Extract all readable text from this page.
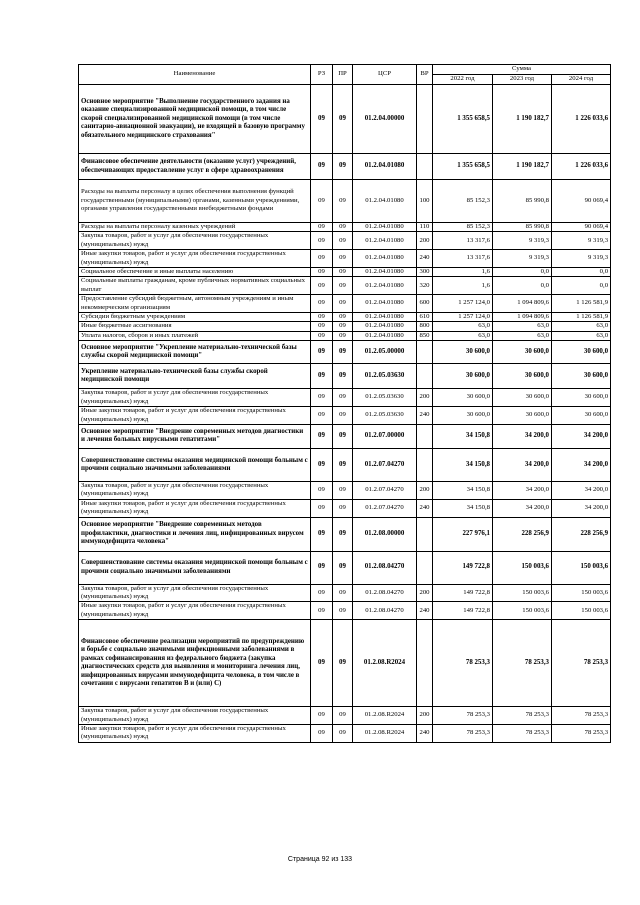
Наименование	РЗ	ПР	ЦСР	ВР	Сумма		
					2022 год	2023 год	2024 год
Основное мероприятие "Выполнение государственного задания на оказание специализированной медицинской помощи, в том числе скорой специализированной медицинской помощи (в том числе санитарно-авиационной эвакуации), не входящей в базовую программу обязательного медицинского страхования"	09	09	01.2.04.00000		1 355 658,5	1 190 182,7	1 226 033,6
Финансовое обеспечение деятельности (оказание услуг) учреждений, обеспечивающих предоставление услуг в сфере здравоохранения	09	09	01.2.04.01080		1 355 658,5	1 190 182,7	1 226 033,6
Расходы на выплаты персоналу в целях обеспечения выполнения функций государственными (муниципальными) органами, казенными учреждениями, органами управления государственными внебюджетными фондами	09	09	01.2.04.01080	100	85 152,3	85 990,8	90 069,4
Расходы на выплаты персоналу казенных учреждений	09	09	01.2.04.01080	110	85 152,3	85 990,8	90 069,4
Закупка товаров, работ и услуг для обеспечения государственных (муниципальных) нужд	09	09	01.2.04.01080	200	13 317,6	9 319,3	9 319,3
Иные закупки товаров, работ и услуг для обеспечения государственных (муниципальных) нужд	09	09	01.2.04.01080	240	13 317,6	9 319,3	9 319,3
Социальное обеспечение и иные выплаты населению	09	09	01.2.04.01080	300	1,6	0,0	0,0
Социальные выплаты гражданам, кроме публичных нормативных социальных выплат	09	09	01.2.04.01080	320	1,6	0,0	0,0
Предоставление субсидий бюджетным, автономным учреждениям и иным некоммерческим организациям	09	09	01.2.04.01080	600	1 257 124,0	1 094 809,6	1 126 581,9
Субсидии бюджетным учреждениям	09	09	01.2.04.01080	610	1 257 124,0	1 094 809,6	1 126 581,9
Иные бюджетные ассигнования	09	09	01.2.04.01080	800	63,0	63,0	63,0
Уплата налогов, сборов и иных платежей	09	09	01.2.04.01080	850	63,0	63,0	63,0
Основное мероприятие "Укрепление материально-технической базы службы скорой медицинской помощи"	09	09	01.2.05.00000		30 600,0	30 600,0	30 600,0
Укрепление материально-технической базы службы скорой медицинской помощи	09	09	01.2.05.03630		30 600,0	30 600,0	30 600,0
Закупка товаров, работ и услуг для обеспечения государственных (муниципальных) нужд	09	09	01.2.05.03630	200	30 600,0	30 600,0	30 600,0
Иные закупки товаров, работ и услуг для обеспечения государственных (муниципальных) нужд	09	09	01.2.05.03630	240	30 600,0	30 600,0	30 600,0
Основное мероприятие "Внедрение современных методов диагностики и лечения больных вирусными гепатитами"	09	09	01.2.07.00000		34 150,8	34 200,0	34 200,0
Совершенствование системы оказания медицинской помощи больным с прочими социально значимыми заболеваниями	09	09	01.2.07.04270		34 150,8	34 200,0	34 200,0
Закупка товаров, работ и услуг для обеспечения государственных (муниципальных) нужд	09	09	01.2.07.04270	200	34 150,8	34 200,0	34 200,0
Иные закупки товаров, работ и услуг для обеспечения государственных (муниципальных) нужд	09	09	01.2.07.04270	240	34 150,8	34 200,0	34 200,0
Основное мероприятие "Внедрение современных методов профилактики, диагностики и лечения лиц, инфицированных вирусом иммунодефицита человека"	09	09	01.2.08.00000		227 976,1	228 256,9	228 256,9
Совершенствование системы оказания медицинской помощи больным с прочими социально значимыми заболеваниями	09	09	01.2.08.04270		149 722,8	150 003,6	150 003,6
Закупка товаров, работ и услуг для обеспечения государственных (муниципальных) нужд	09	09	01.2.08.04270	200	149 722,8	150 003,6	150 003,6
Иные закупки товаров, работ и услуг для обеспечения государственных (муниципальных) нужд	09	09	01.2.08.04270	240	149 722,8	150 003,6	150 003,6
Финансовое обеспечение реализации мероприятий по предупреждению и борьбе с социально значимыми инфекционными заболеваниями в рамках софинансирования из федерального бюджета (закупка диагностических средств для выявления и мониторинга лечения лиц, инфицированных вирусами иммунодефицита человека, в том числе в сочетании с вирусами гепатитов В и (или) С)	09	09	01.2.08.R2024		78 253,3	78 253,3	78 253,3
Закупка товаров, работ и услуг для обеспечения государственных (муниципальных) нужд	09	09	01.2.08.R2024	200	78 253,3	78 253,3	78 253,3
Иные закупки товаров, работ и услуг для обеспечения государственных (муниципальных) нужд	09	09	01.2.08.R2024	240	78 253,3	78 253,3	78 253,3
Страница 92 из 133
